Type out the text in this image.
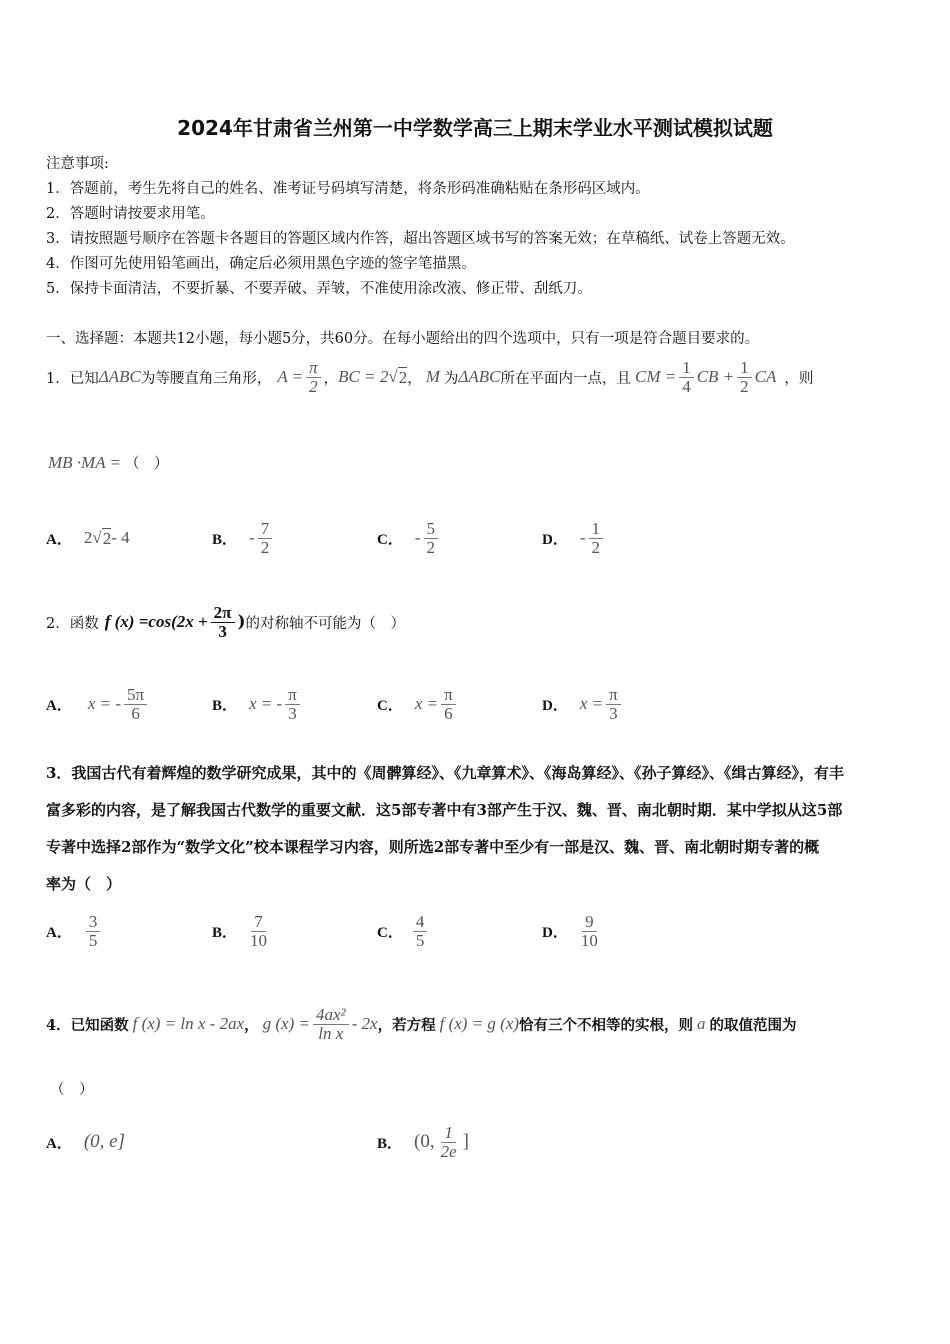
2024年甘肃省兰州第一中学数学高三上期末学业水平测试模拟试题
注意事项:
1．答题前，考生先将自己的姓名、准考证号码填写清楚，将条形码准确粘贴在条形码区域内。
2．答题时请按要求用笔。
3．请按照题号顺序在答题卡各题目的答题区域内作答，超出答题区域书写的答案无效；在草稿纸、试卷上答题无效。
4．作图可先使用铅笔画出，确定后必须用黑色字迹的签字笔描黑。
5．保持卡面清洁，不要折暴、不要弄破、弄皱，不准使用涂改液、修正带、刮纸刀。
一、选择题：本题共12小题，每小题5分，共60分。在每小题给出的四个选项中，只有一项是符合题目要求的。
1．已知 ΔABC 为等腰直角三角形， $A = \frac{\pi}{2}$ ， BC = 2 √ 2 ， M 为 ΔABC 所在平面内一点，且 CM = $\frac{1}{4}$ CB + $\frac{1}{2}$ CA ，则
MB ·MA = （　）
A． 2 √ 2 - 4	B． - $\frac{7}{2}$	C． - $\frac{5}{2}$	D． - $\frac{1}{2}$
2．函数 f $(x) =\cos(2x + \frac{2\pi}{3}$ ) 的对称轴不可能为（　）
A． x = - $\frac{5\pi}{6}$	B． x = - $\frac{\pi}{3}$	C． $x = \frac{\pi}{6}$	D． $x = \frac{\pi}{3}$
3．我国古代有着辉煌的数学研究成果，其中的《周髀算经》、《九章算术》、《海岛算经》、《孙子算经》、《缉古算经》，有丰
富多彩的内容，是了解我国古代数学的重要文献．这5部专著中有3部产生于汉、魏、晋、南北朝时期．某中学拟从这5部
专著中选择2部作为“数学文化”校本课程学习内容，则所选2部专著中至少有一部是汉、魏、晋、南北朝时期专著的概
率为（　）
A． $\frac{3}{5}$	B． $\frac{7}{10}$	C． $\frac{4}{5}$	D． $\frac{9}{10}$
4．已知函数 f (x) = ln x - 2ax ， g $(x) = \frac{\text{4ax²}}{\text{ln x}} - 2x$ ，若方程 f (x) = g (x) 恰有三个不相等的实根，则 a 的取值范围为
（　）
A． (0, e]	B． (0, $\frac{1}{2e}$ ]
